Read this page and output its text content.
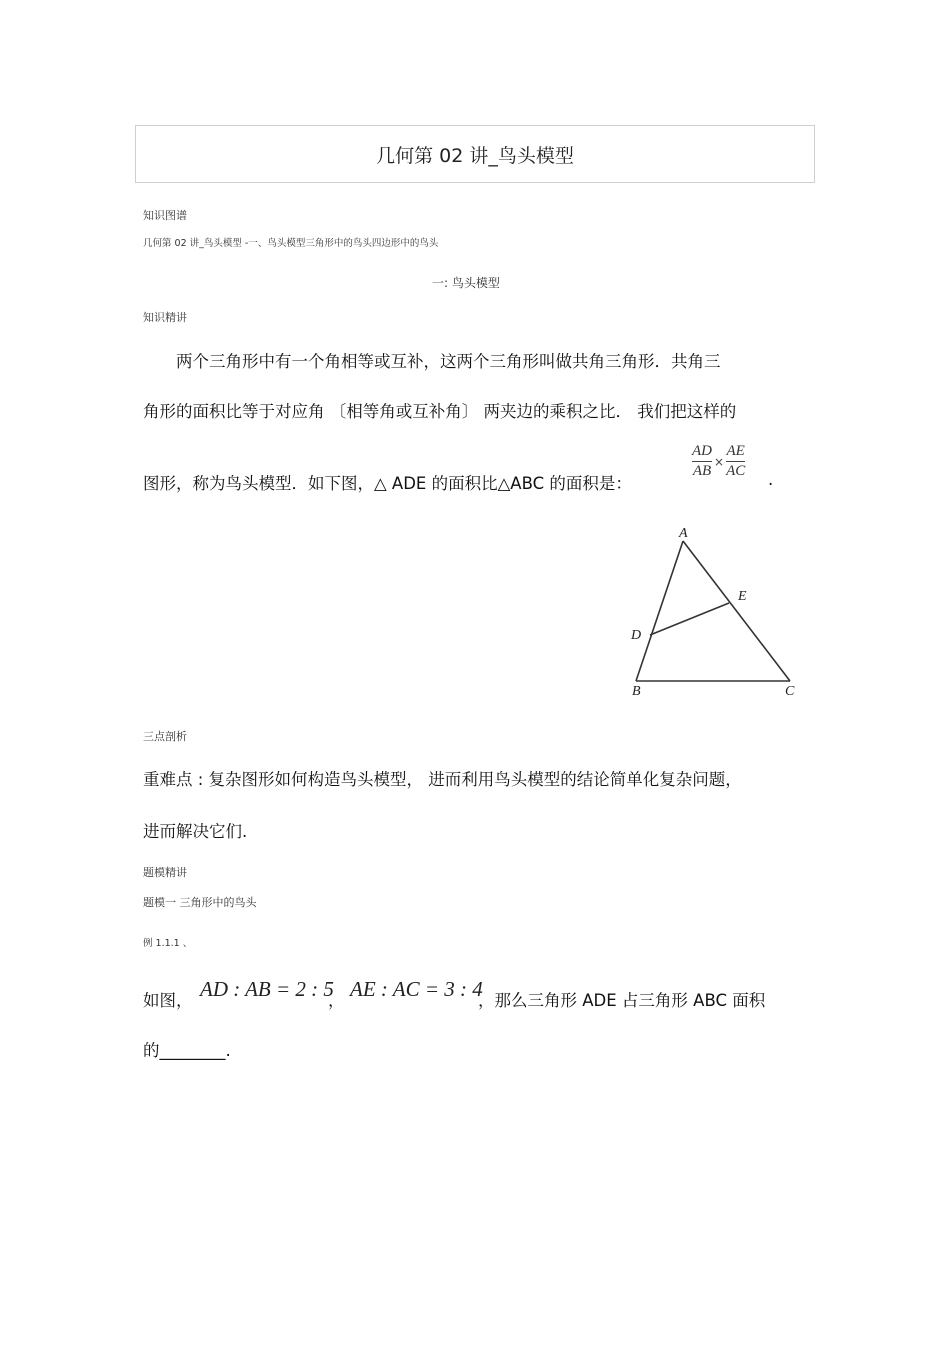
几何第 02 讲_鸟头模型
知识图谱
几何第 02 讲_鸟头模型 -一、鸟头模型三角形中的鸟头四边形中的鸟头
一: 鸟头模型
知识精讲
两个三角形中有一个角相等或互补，这两个三角形叫做共角三角形．共角三
角形的面积比等于对应角 〔相等角或互补角〕 两夹边的乘积之比． 我们把这样的
图形，称为鸟头模型．如下图，△ ADE 的面积比△ABC 的面积是：
$\frac{AD}{AB} \times \frac{AE}{AC}$ .
A
E
D
B	C
三点剖析
重难点 : 复杂图形如何构造鸟头模型， 进而利用鸟头模型的结论简单化复杂问题，
进而解决它们.
题模精讲
题模一 三角形中的鸟头
例 1.1.1 、
如图， AD : AB = 2 : 5
， AE : AC = 3 : 4
，那么三角形 ADE 占三角形 ABC 面积
的________.
